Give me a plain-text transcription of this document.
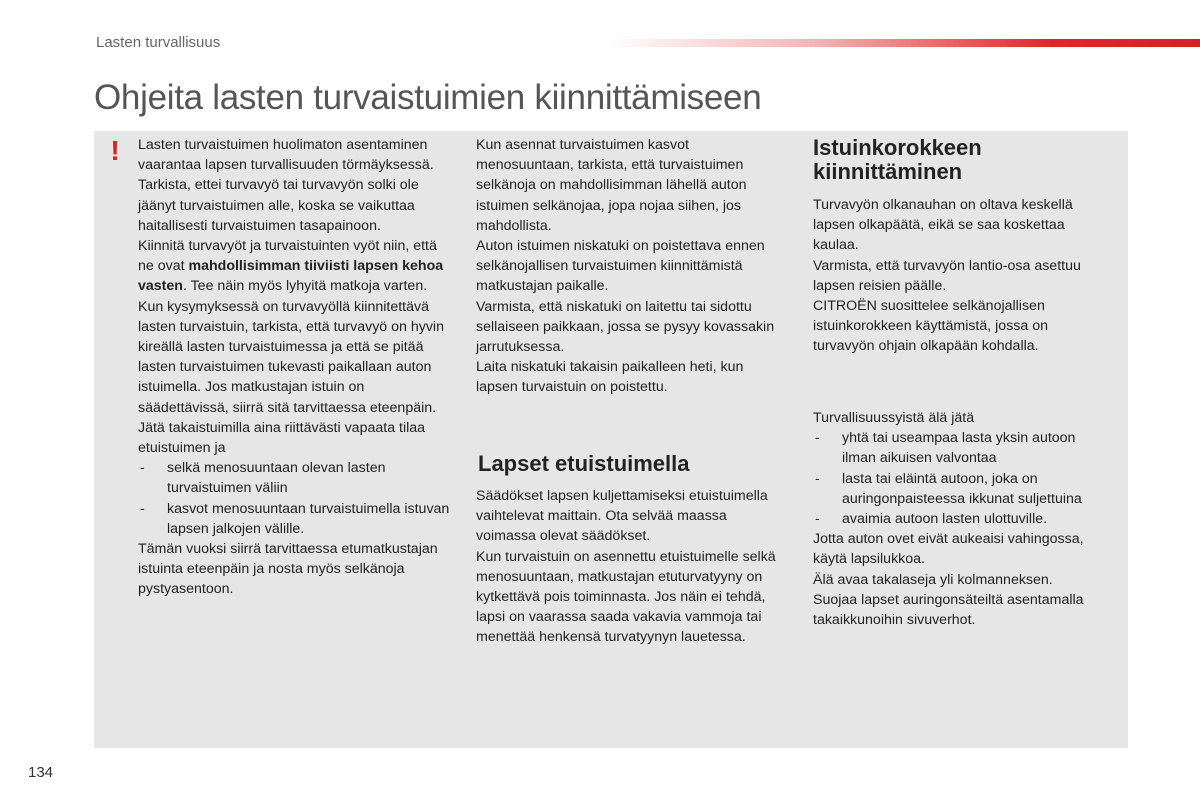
Lasten turvallisuus
Ohjeita lasten turvaistuimien kiinnittämiseen
! Lasten turvaistuimen huolimaton asentaminen vaarantaa lapsen turvallisuuden törmäyksessä.

Tarkista, ettei turvavyö tai turvavyön solki ole jäänyt turvaistuimen alle, koska se vaikuttaa haitallisesti turvaistuimen tasapainoon.

Kiinnitä turvavyöt ja turvaistuinten vyöt niin, että ne ovat mahdollisimman tiiviisti lapsen kehoa vasten. Tee näin myös lyhyitä matkoja varten.

Kun kysymyksessä on turvavyöllä kiinnitettävä lasten turvaistuin, tarkista, että turvavyö on hyvin kireällä lasten turvaistuimessa ja että se pitää lasten turvaistuimen tukevasti paikallaan auton istuimella. Jos matkustajan istuin on säädettävissä, siirrä sitä tarvittaessa eteenpäin.

Jätä takaistuimilla aina riittävästi vapaata tilaa etuistuimen ja

- selkä menosuuntaan olevan lasten turvaistuimen väliin

- kasvot menosuuntaan turvaistuimella istuvan lapsen jalkojen välille.

Tämän vuoksi siirrä tarvittaessa etumatkustajan istuinta eteenpäin ja nosta myös selkänoja pystyasentoon.

Kun asennat turvaistuimen kasvot menosuuntaan, tarkista, että turvaistuimen selkänoja on mahdollisimman lähellä auton istuimen selkänojaa, jopa nojaa siihen, jos mahdollista.

Auton istuimen niskatuki on poistettava ennen selkänojallisen turvaistuimen kiinnittämistä matkustajan paikalle.

Varmista, että niskatuki on laitettu tai sidottu sellaiseen paikkaan, jossa se pysyy kovassakin jarrutuksessa.

Laita niskatuki takaisin paikalleen heti, kun lapsen turvaistuin on poistettu.

Lapset etuistuimella

Säädökset lapsen kuljettamiseksi etuistuimella vaihtelevat maittain. Ota selvää maassa voimassa olevat säädökset.

Kun turvaistuin on asennettu etuistuimelle selkä menosuuntaan, matkustajan etuturvatyyny on kytkettävä pois toiminnasta. Jos näin ei tehdä, lapsi on vaarassa saada vakavia vammoja tai menettää henkensä turvatyynyn lauetessa.

Istuinkorokkeen kiinnittäminen

Turvavyön olkanauhan on oltava keskellä lapsen olkapäätä, eikä se saa koskettaa kaulaa.

Varmista, että turvavyön lantio-osa asettuu lapsen reisien päälle.

CITROËN suosittelee selkänojallisen istuinkorokkeen käyttämistä, jossa on turvavyön ohjain olkapään kohdalla.

Turvallisuussyistä älä jätä

- yhtä tai useampaa lasta yksin autoon ilman aikuisen valvontaa

- lasta tai eläintä autoon, joka on auringonpaisteessa ikkunat suljettuina

- avaimia autoon lasten ulottuville.

Jotta auton ovet eivät aukeaisi vahingossa, käytä lapsilukkoa.

Älä avaa takalaseja yli kolmanneksen.

Suojaa lapset auringonsäteiltä asentamalla takaikkunoihin sivuverhot.

134
